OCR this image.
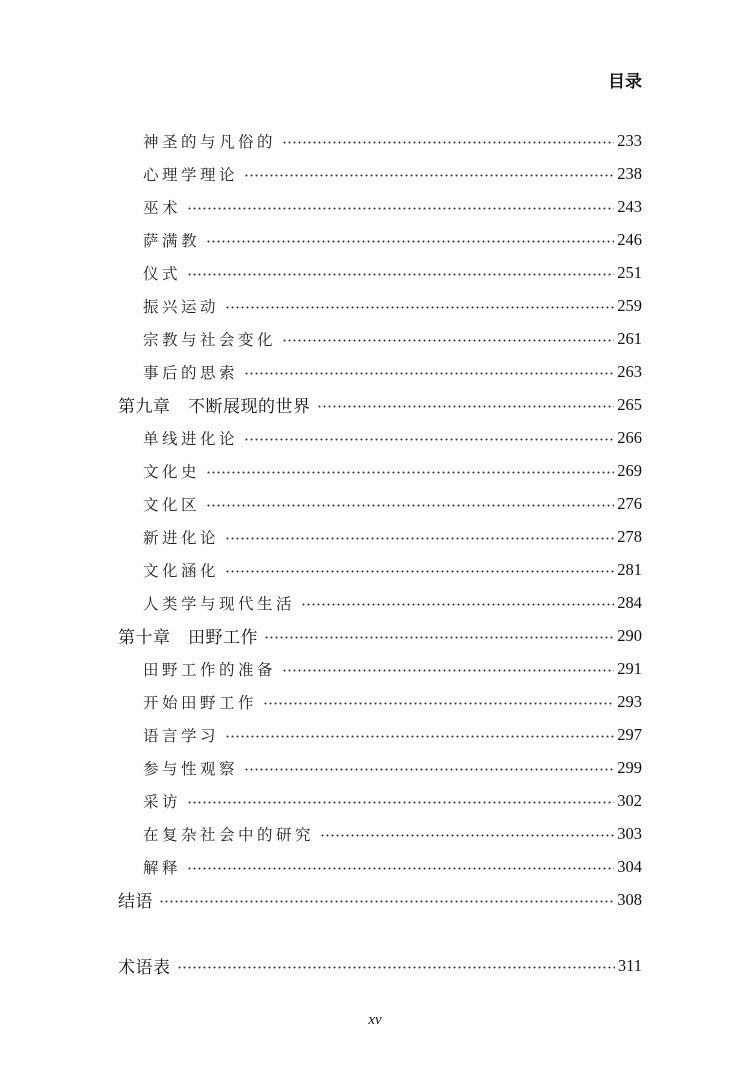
目录
神圣的与凡俗的	233
心理学理论	238
巫术	243
萨满教	246
仪式	251
振兴运动	259
宗教与社会变化	261
事后的思索	263
第九章　不断展现的世界	265
单线进化论	266
文化史	269
文化区	276
新进化论	278
文化涵化	281
人类学与现代生活	284
第十章　田野工作	290
田野工作的准备	291
开始田野工作	293
语言学习	297
参与性观察	299
采访	302
在复杂社会中的研究	303
解释	304
结语	308
术语表	311
xv
